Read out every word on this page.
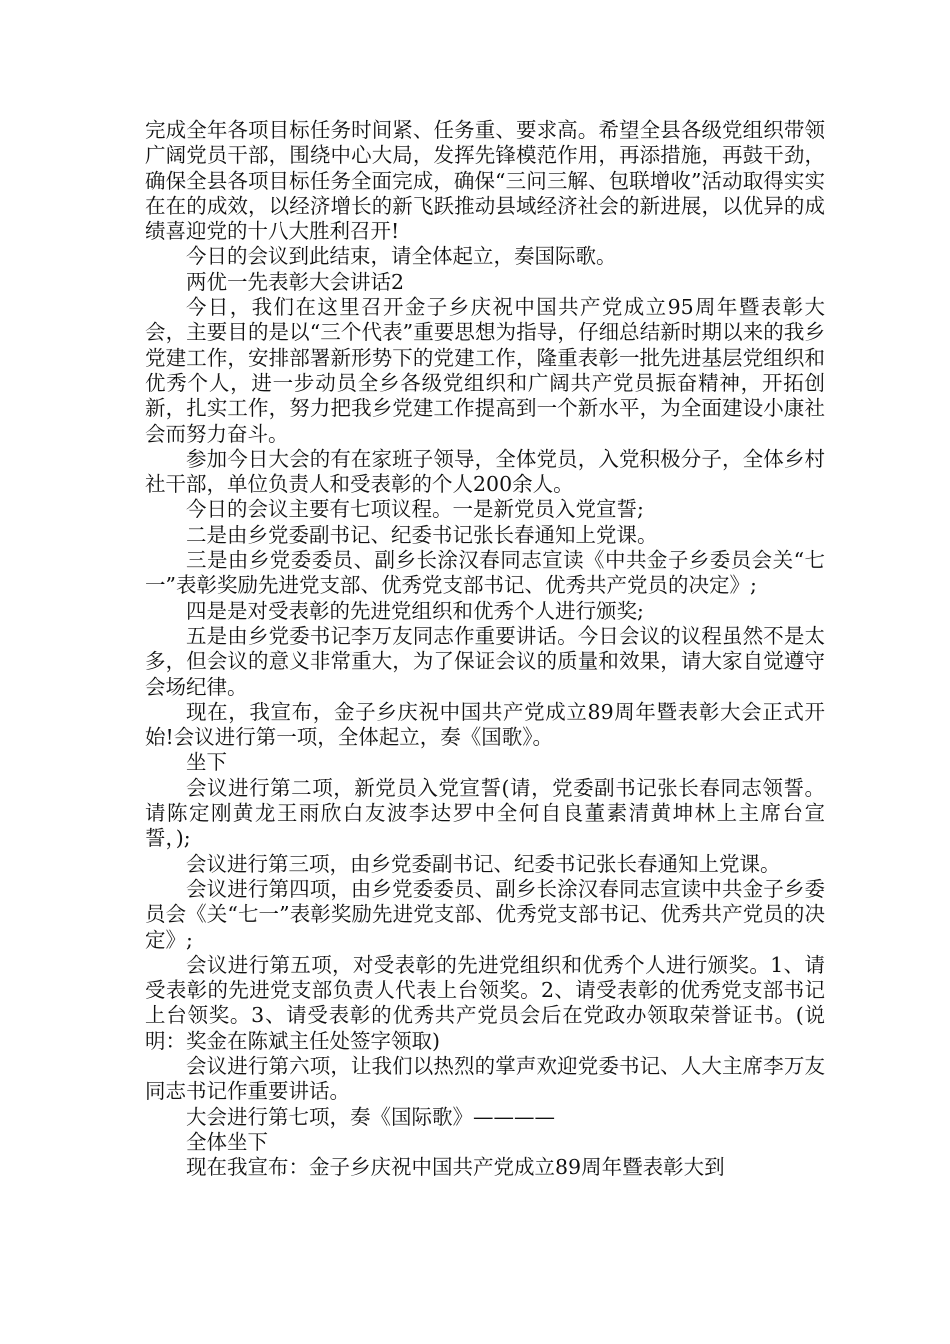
完成全年各项目标任务时间紧、任务重、要求高。希望全县各级党组织带领广阔党员干部，围绕中心大局，发挥先锋模范作用，再添措施，再鼓干劲，确保全县各项目标任务全面完成，确保“三问三解、包联增收”活动取得实实在在的成效，以经济增长的新飞跃推动县域经济社会的新进展，以优异的成绩喜迎党的十八大胜利召开!

今日的会议到此结束，请全体起立，奏国际歌。

两优一先表彰大会讲话2

今日，我们在这里召开金子乡庆祝中国共产党成立95周年暨表彰大会，主要目的是以“三个代表”重要思想为指导，仔细总结新时期以来的我乡党建工作，安排部署新形势下的党建工作，隆重表彰一批先进基层党组织和优秀个人，进一步动员全乡各级党组织和广阔共产党员振奋精神，开拓创新，扎实工作，努力把我乡党建工作提高到一个新水平，为全面建设小康社会而努力奋斗。

参加今日大会的有在家班子领导，全体党员，入党积极分子，全体乡村社干部，单位负责人和受表彰的个人200余人。

今日的会议主要有七项议程。一是新党员入党宣誓;

二是由乡党委副书记、纪委书记张长春通知上党课。

三是由乡党委委员、副乡长涂汉春同志宣读《中共金子乡委员会关“七一”表彰奖励先进党支部、优秀党支部书记、优秀共产党员的决定》;

四是是对受表彰的先进党组织和优秀个人进行颁奖;

五是由乡党委书记李万友同志作重要讲话。今日会议的议程虽然不是太多，但会议的意义非常重大，为了保证会议的质量和效果，请大家自觉遵守会场纪律。

现在，我宣布，金子乡庆祝中国共产党成立89周年暨表彰大会正式开始!会议进行第一项，全体起立，奏《国歌》。

坐下

会议进行第二项，新党员入党宣誓(请，党委副书记张长春同志领誓。请陈定刚黄龙王雨欣白友波李达罗中全何自良董素清黄坤林上主席台宣誓，);

会议进行第三项，由乡党委副书记、纪委书记张长春通知上党课。

会议进行第四项，由乡党委委员、副乡长涂汉春同志宣读中共金子乡委员会《关“七一”表彰奖励先进党支部、优秀党支部书记、优秀共产党员的决定》;

会议进行第五项，对受表彰的先进党组织和优秀个人进行颁奖。1、请受表彰的先进党支部负责人代表上台领奖。2、请受表彰的优秀党支部书记上台领奖。3、请受表彰的优秀共产党员会后在党政办领取荣誉证书。(说明：奖金在陈斌主任处签字领取)

会议进行第六项，让我们以热烈的掌声欢迎党委书记、人大主席李万友同志书记作重要讲话。

大会进行第七项，奏《国际歌》————

全体坐下

现在我宣布：金子乡庆祝中国共产党成立89周年暨表彰大到
